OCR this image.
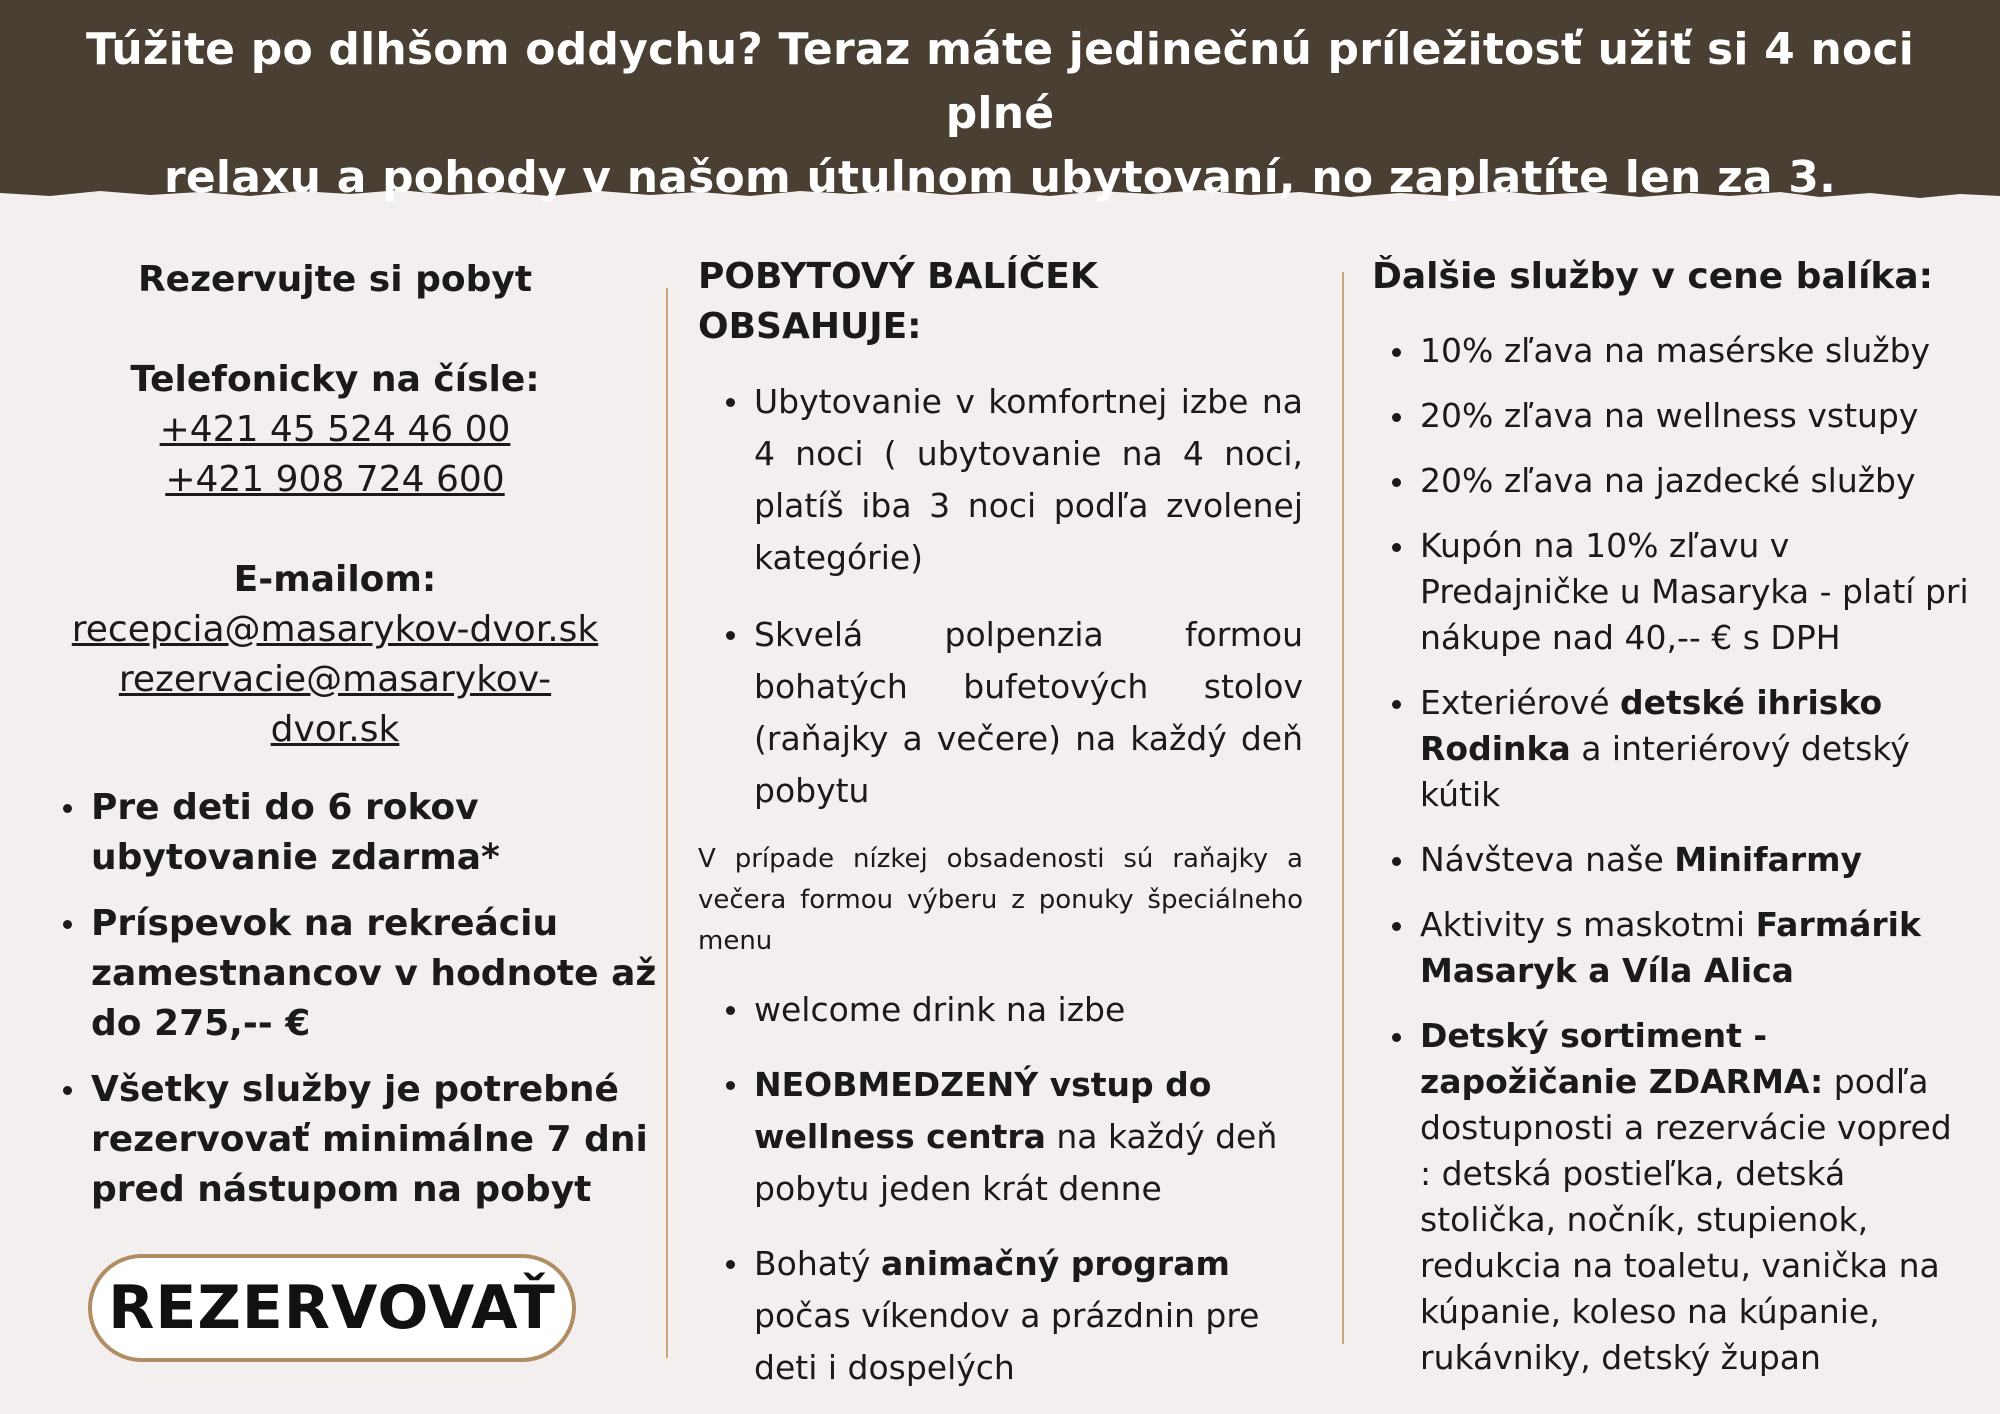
Túžite po dlhšom oddychu? Teraz máte jedinečnú príležitosť užiť si 4 noci plné
relaxu a pohody v našom útulnom ubytovaní, no zaplatíte len za 3.

Rezervujte si pobyt

Telefonicky na čísle:

+421 45 524 46 00
+421 908 724 600

E-mailom:

recepcia@masarykov-dvor.sk
rezervacie@masarykov-dvor.sk
Pre deti do 6 rokov ubytovanie zdarma*
Príspevok na rekreáciu zamestnancov v hodnote až do 275,-- €
Všetky služby je potrebné rezervovať minimálne 7 dni pred nástupom na pobyt
REZERVOVAŤ

POBYTOVÝ BALÍČEK OBSAHUJE:

Ubytovanie v komfortnej izbe na 4 noci ( ubytovanie na 4 noci, platíš iba 3 noci podľa zvolenej kategórie)
Skvelá polpenzia formou bohatých bufetových stolov (raňajky a večere) na každý deň pobytu

V prípade nízkej obsadenosti sú raňajky a večera formou výberu z ponuky špeciálneho menu

welcome drink na izbe
NEOBMEDZENÝ vstup do wellness centra na každý deň pobytu jeden krát denne
Bohatý animačný program počas víkendov a prázdnin pre deti i dospelých

Ďalšie služby v cene balíka:

10% zľava na masérske služby
20% zľava na wellness vstupy
20% zľava na jazdecké služby
Kupón na 10% zľavu v Predajničke u Masaryka - platí pri nákupe nad 40,-- € s DPH
Exteriérové detské ihrisko Rodinka a interiérový detský kútik
Návšteva naše Minifarmy
Aktivity s maskotmi Farmárik Masaryk a Víla Alica
Detský sortiment - zapožičanie ZDARMA: podľa dostupnosti a rezervácie vopred : detská postieľka, detská stolička, nočník, stupienok, redukcia na toaletu, vanička na kúpanie, koleso na kúpanie, rukávniky, detský župan
